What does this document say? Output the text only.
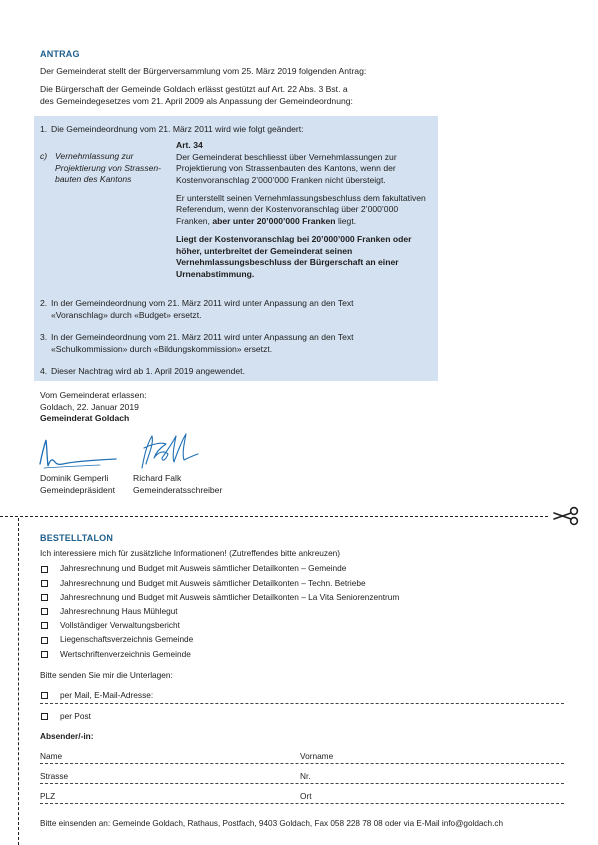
ANTRAG
Der Gemeinderat stellt der Bürgerversammlung vom 25. März 2019 folgenden Antrag:
Die Bürgerschaft der Gemeinde Goldach erlässt gestützt auf Art. 22 Abs. 3 Bst. a
des Gemeindegesetzes vom 21. April 2009 als Anpassung der Gemeindeordnung:
1. Die Gemeindeordnung vom 21. März 2011 wird wie folgt geändert:
c) Vernehmlassung zur
Projektierung von Strassen-
bauten des Kantons
Art. 34

Der Gemeinderat beschliesst über Vernehmlassungen zur Projektierung von Strassenbauten des Kantons, wenn der Kostenvoranschlag 2’000’000 Franken nicht übersteigt.

Er unterstellt seinen Vernehmlassungsbeschluss dem fakultativen Referendum, wenn der Kostenvoranschlag über 2’000’000 Franken, aber unter 20’000’000 Franken liegt.

Liegt der Kostenvoranschlag bei 20’000’000 Franken oder höher, unterbreitet der Gemeinderat seinen Vernehmlassungsbeschluss der Bürgerschaft an einer Urnenabstimmung.

2. In der Gemeindeordnung vom 21. März 2011 wird unter Anpassung an den Text
«Voranschlag» durch «Budget» ersetzt.
3. In der Gemeindeordnung vom 21. März 2011 wird unter Anpassung an den Text
«Schulkommission» durch «Bildungskommission» ersetzt.
4. Dieser Nachtrag wird ab 1. April 2019 angewendet.
Vom Gemeinderat erlassen:
Goldach, 22. Januar 2019
Gemeinderat Goldach
Dominik Gemperli
Gemeindepräsident
Richard Falk
Gemeinderatsschreiber
BESTELLTALON
Ich interessiere mich für zusätzliche Informationen! (Zutreffendes bitte ankreuzen)
Jahresrechnung und Budget mit Ausweis sämtlicher Detailkonten – Gemeinde
Jahresrechnung und Budget mit Ausweis sämtlicher Detailkonten – Techn. Betriebe
Jahresrechnung und Budget mit Ausweis sämtlicher Detailkonten – La Vita Seniorenzentrum
Jahresrechnung Haus Mühlegut
Vollständiger Verwaltungsbericht
Liegenschaftsverzeichnis Gemeinde
Wertschriftenverzeichnis Gemeinde
Bitte senden Sie mir die Unterlagen:
per Mail, E-Mail-Adresse:
per Post
Absender/-in:
Name	Vorname
Strasse	Nr.
PLZ	Ort
Bitte einsenden an: Gemeinde Goldach, Rathaus, Postfach, 9403 Goldach, Fax 058 228 78 08 oder via E-Mail info@goldach.ch
